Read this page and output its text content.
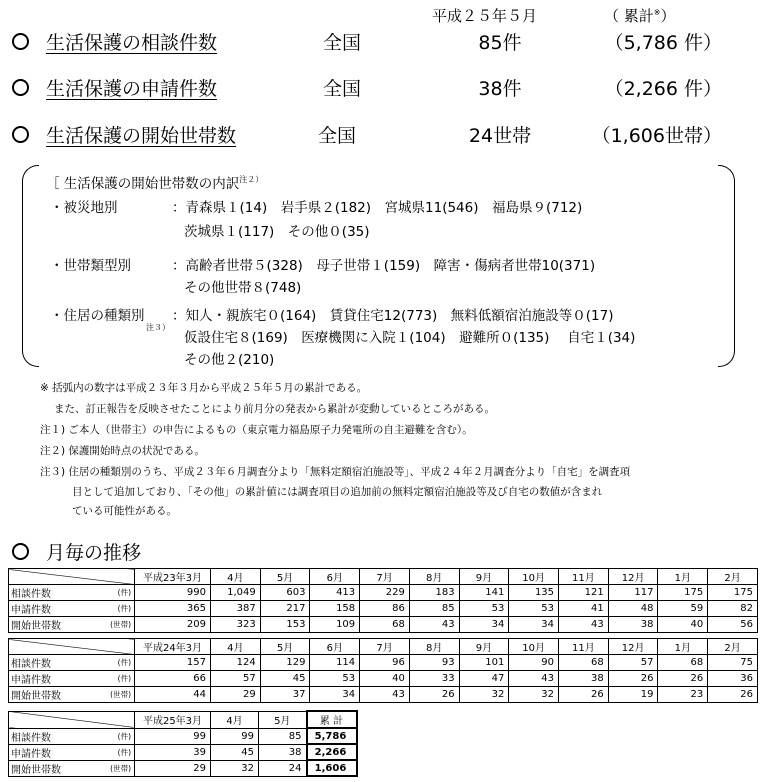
平成２５年５月	（ 累計※）
生活保護の相談件数	全国	85件	（5,786 件）
生活保護の申請件数	全国	38件	（2,266 件）
生活保護の開始世帯数	全国	24世帯	（1,606世帯）
［ 生活保護の開始世帯数の内訳$^{注2)}$
・被災地別	：青森県１(14)　岩手県２(182)　宮城県11(546)　福島県９(712)
茨城県１(117)　その他０(35)
・世帯類型別	：高齢者世帯５(328)　母子世帯１(159)　障害・傷病者世帯10(371)
その他世帯８(748)
・住居の種類別
注３）
：知人・親族宅０(164)　賃貸住宅12(773)　無料低額宿泊施設等０(17)
仮設住宅８(169)　医療機関に入院１(104)　避難所０(135)　 自宅１(34)
その他２(210)
※ 括弧内の数字は平成２３年３月から平成２５年５月の累計である。
また、訂正報告を反映させたことにより前月分の発表から累計が変動しているところがある。
注１) ご本人（世帯主）の申告によるもの（東京電力福島原子力発電所の自主避難を含む）。
注２) 保護開始時点の状況である。
注３) 住居の種類別のうち、平成２３年６月調査分より「無料定額宿泊施設等」、平成２４年２月調査分より「自宅」を調査項
目として追加しており、「その他」の累計値には調査項目の追加前の無料定額宿泊施設等及び自宅の数値が含まれ
ている可能性がある。
月毎の推移
	平成23年3月	4月	5月	6月	7月	8月	9月	10月	11月	12月	1月	2月
相談件数 (件)	990	1,049	603	413	229	183	141	135	121	117	175	175
申請件数 (件)	365	387	217	158	86	85	53	53	41	48	59	82
開始世帯数 (世帯)	209	323	153	109	68	43	34	34	43	38	40	56
	平成24年3月	4月	5月	6月	7月	8月	9月	10月	11月	12月	1月	2月
相談件数 (件)	157	124	129	114	96	93	101	90	68	57	68	75
申請件数 (件)	66	57	45	53	40	33	47	43	38	26	26	36
開始世帯数 (世帯)	44	29	37	34	43	26	32	32	26	19	23	26
	平成25年3月	4月	5月	累 計
相談件数 (件)	99	99	85	5,786
申請件数 (件)	39	45	38	2,266
開始世帯数 (世帯)	29	32	24	1,606
